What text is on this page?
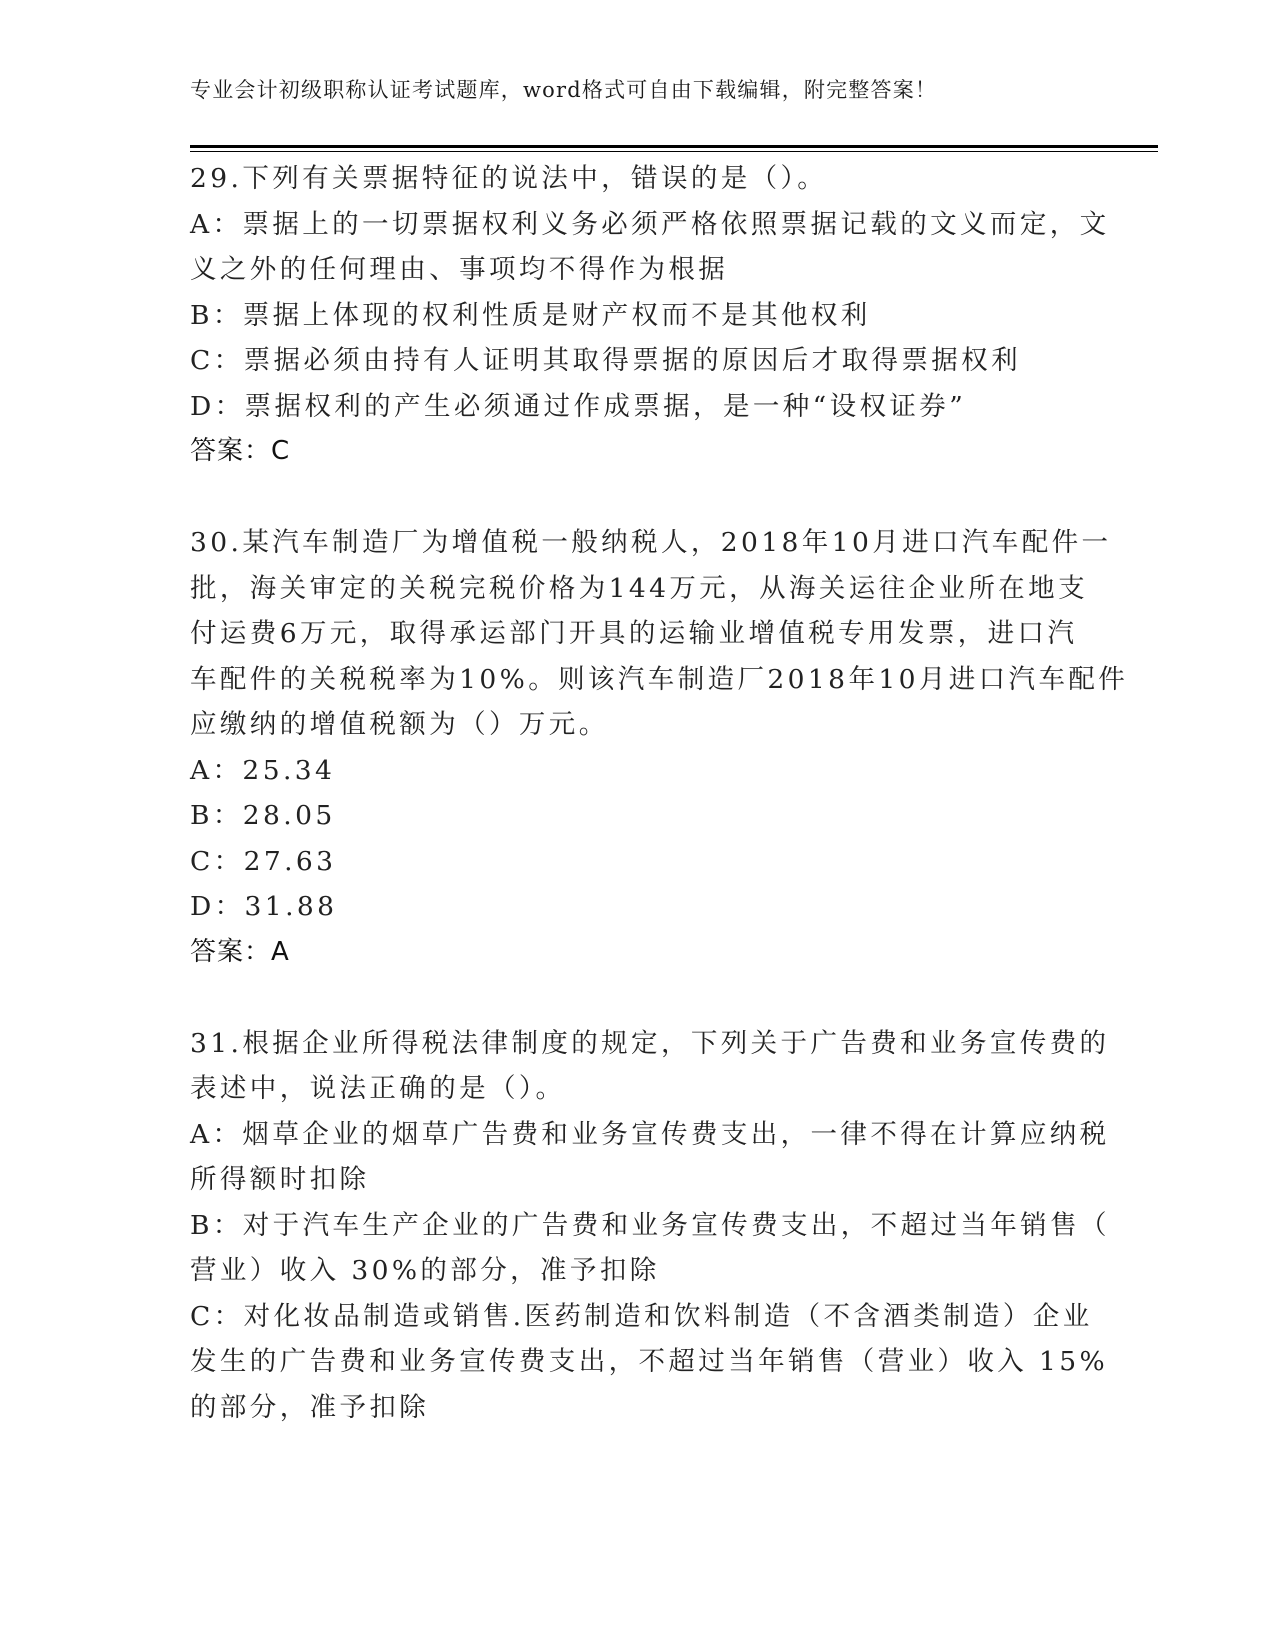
专业会计初级职称认证考试题库，word格式可自由下载编辑，附完整答案！
29.下列有关票据特征的说法中，错误的是（）。
A：票据上的一切票据权利义务必须严格依照票据记载的文义而定，文
义之外的任何理由、事项均不得作为根据
B：票据上体现的权利性质是财产权而不是其他权利
C：票据必须由持有人证明其取得票据的原因后才取得票据权利
D：票据权利的产生必须通过作成票据，是一种“设权证券”
答案：C
30.某汽车制造厂为增值税一般纳税人，2018年10月进口汽车配件一
批，海关审定的关税完税价格为144万元，从海关运往企业所在地支
付运费6万元，取得承运部门开具的运输业增值税专用发票，进口汽
车配件的关税税率为10%。则该汽车制造厂2018年10月进口汽车配件
应缴纳的增值税额为（）万元。
A：25.34
B：28.05
C：27.63
D：31.88
答案：A
31.根据企业所得税法律制度的规定，下列关于广告费和业务宣传费的
表述中，说法正确的是（）。
A：烟草企业的烟草广告费和业务宣传费支出，一律不得在计算应纳税
所得额时扣除
B：对于汽车生产企业的广告费和业务宣传费支出，不超过当年销售（
营业）收入 30%的部分，准予扣除
C：对化妆品制造或销售.医药制造和饮料制造（不含酒类制造）企业
发生的广告费和业务宣传费支出，不超过当年销售（营业）收入 15%
的部分，准予扣除
